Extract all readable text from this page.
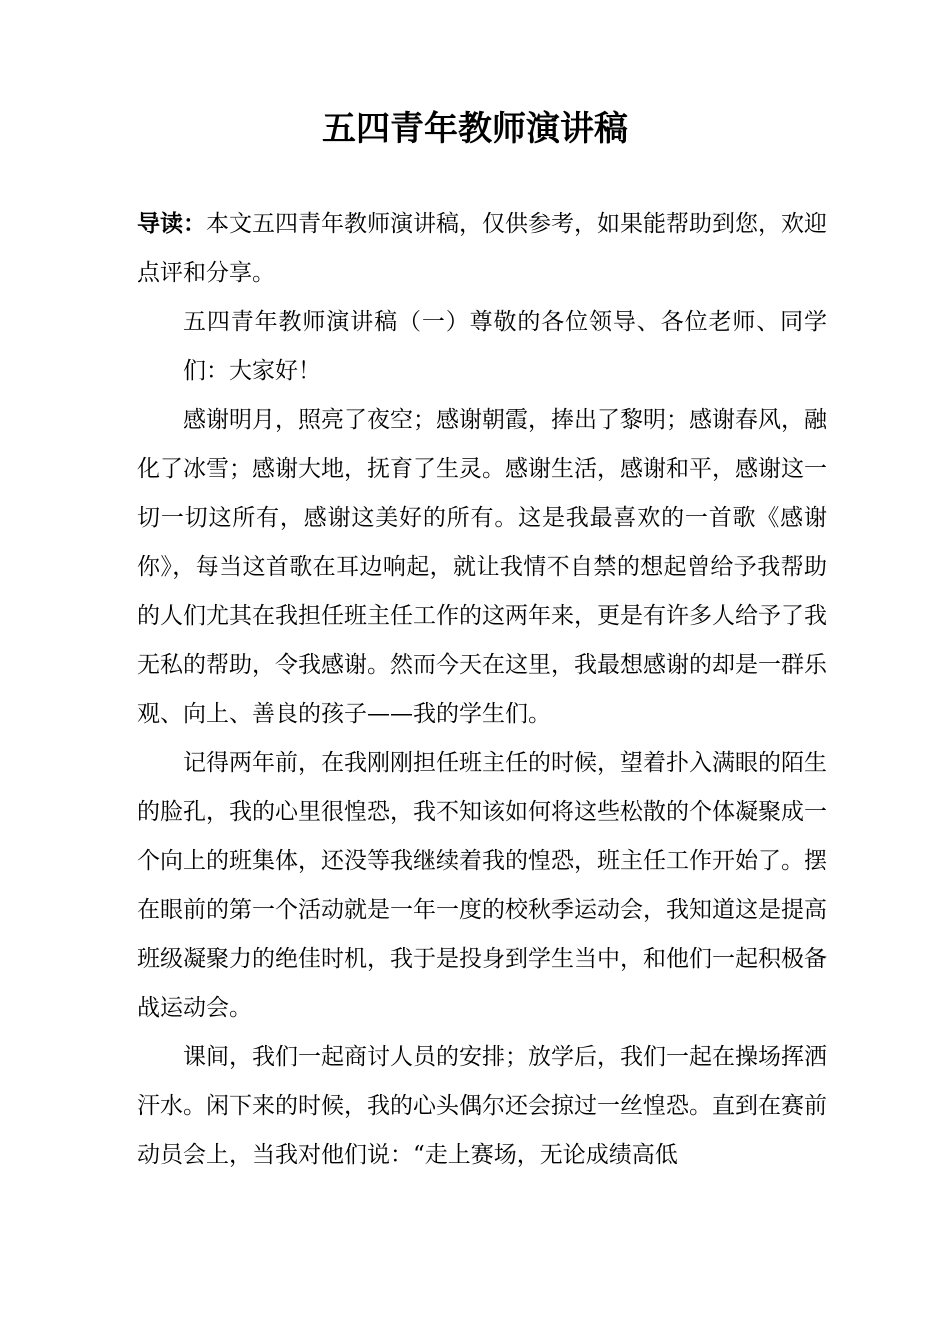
五四青年教师演讲稿

导读：本文五四青年教师演讲稿，仅供参考，如果能帮助到您，欢迎点评和分享。

五四青年教师演讲稿（一）尊敬的各位领导、各位老师、同学们：大家好！

感谢明月，照亮了夜空；感谢朝霞，捧出了黎明；感谢春风，融化了冰雪；感谢大地，抚育了生灵。感谢生活，感谢和平，感谢这一切一切这所有，感谢这美好的所有。这是我最喜欢的一首歌《感谢你》，每当这首歌在耳边响起，就让我情不自禁的想起曾给予我帮助的人们尤其在我担任班主任工作的这两年来，更是有许多人给予了我无私的帮助，令我感谢。然而今天在这里，我最想感谢的却是一群乐观、向上、善良的孩子——我的学生们。

记得两年前，在我刚刚担任班主任的时候，望着扑入满眼的陌生的脸孔，我的心里很惶恐，我不知该如何将这些松散的个体凝聚成一个向上的班集体，还没等我继续着我的惶恐，班主任工作开始了。摆在眼前的第一个活动就是一年一度的校秋季运动会，我知道这是提高班级凝聚力的绝佳时机，我于是投身到学生当中，和他们一起积极备战运动会。

课间，我们一起商讨人员的安排；放学后，我们一起在操场挥洒汗水。闲下来的时候，我的心头偶尔还会掠过一丝惶恐。直到在赛前动员会上，当我对他们说：“走上赛场，无论成绩高低
